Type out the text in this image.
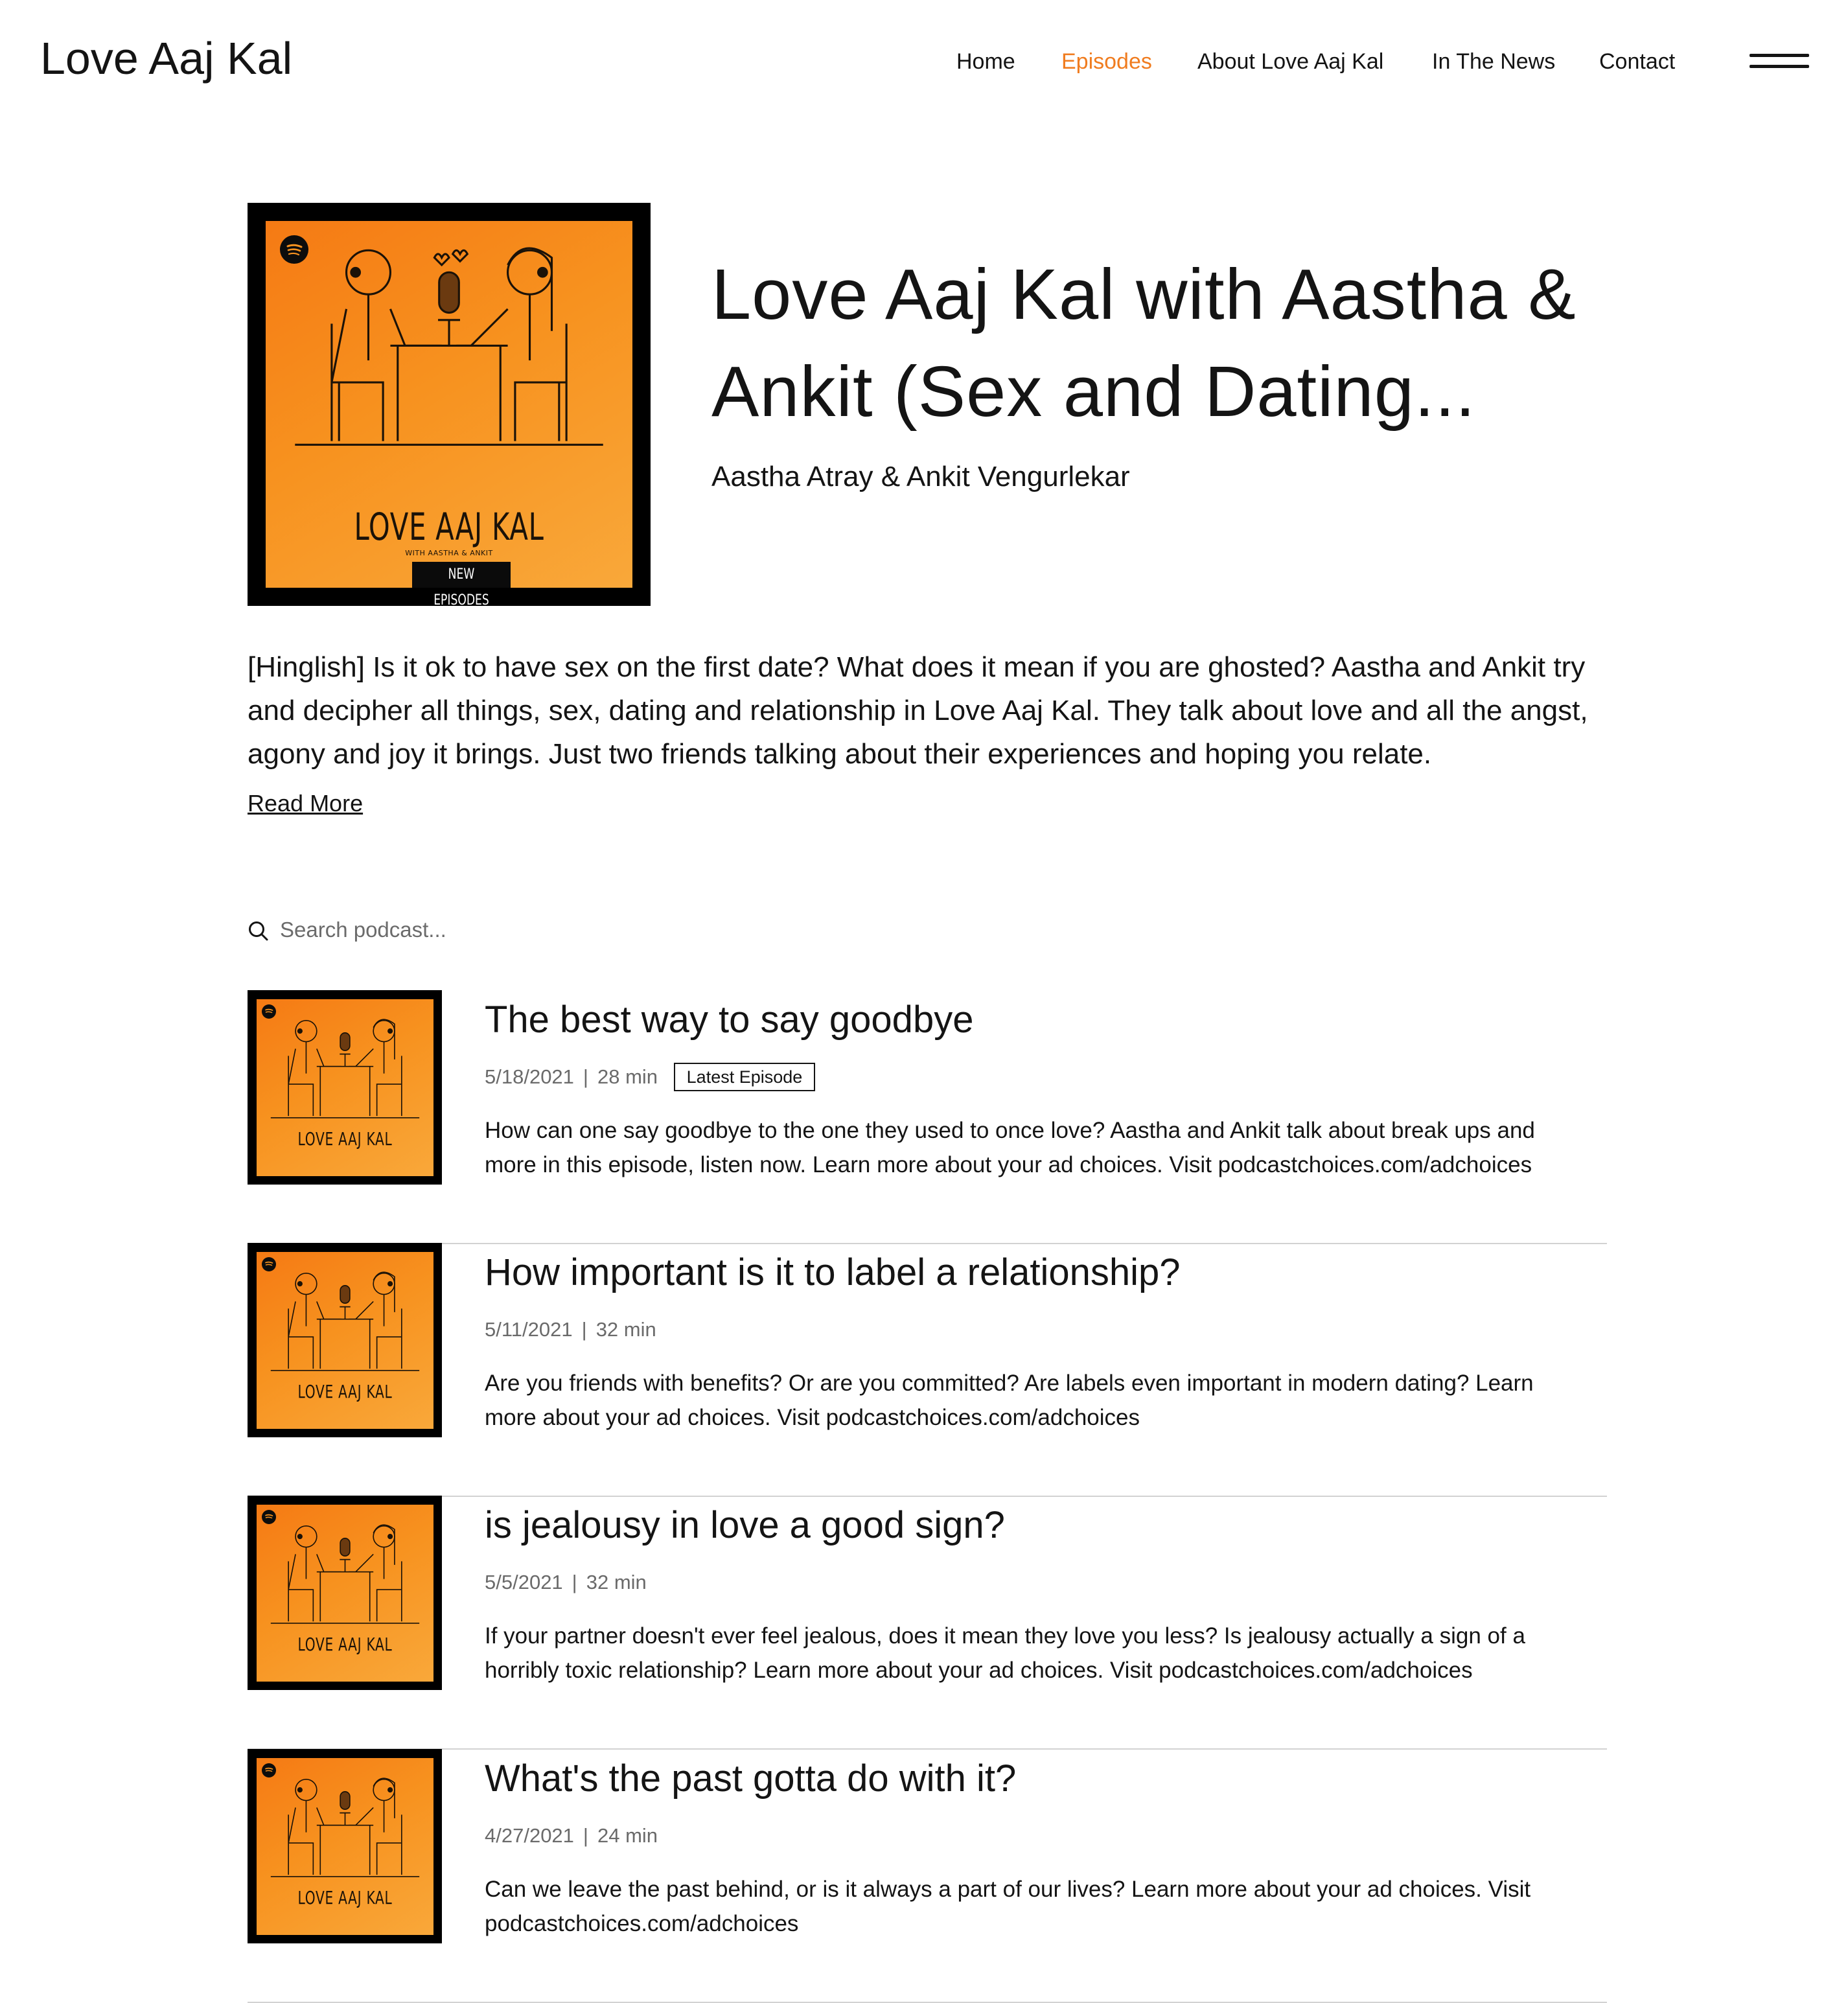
Love Aaj Kal	Home Episodes About Love Aaj Kal In The News Contact
LOVE AAJ KAL
WITH AASTHA & ANKIT
NEW EPISODES
Love Aaj Kal with Aastha & Ankit (Sex and Dating...
Aastha Atray & Ankit Vengurlekar

[Hinglish] Is it ok to have sex on the first date? What does it mean if you are ghosted? Aastha and Ankit try and decipher all things, sex, dating and relationship in Love Aaj Kal. They talk about love and all the angst, agony and joy it brings. Just two friends talking about their experiences and hoping you relate.

Read More
Search podcast...
LOVE AAJ KAL
The best way to say goodbye
5/18/2021 | 28 min Latest Episode

How can one say goodbye to the one they used to once love? Aastha and Ankit talk about break ups and more in this episode, listen now. Learn more about your ad choices. Visit podcastchoices.com/adchoices

LOVE AAJ KAL
How important is it to label a relationship?
5/11/2021 | 32 min

Are you friends with benefits? Or are you committed? Are labels even important in modern dating? Learn more about your ad choices. Visit podcastchoices.com/adchoices

LOVE AAJ KAL
is jealousy in love a good sign?
5/5/2021 | 32 min

If your partner doesn't ever feel jealous, does it mean they love you less? Is jealousy actually a sign of a horribly toxic relationship? Learn more about your ad choices. Visit podcastchoices.com/adchoices

LOVE AAJ KAL
What's the past gotta do with it?
4/27/2021 | 24 min

Can we leave the past behind, or is it always a part of our lives? Learn more about your ad choices. Visit podcastchoices.com/adchoices
